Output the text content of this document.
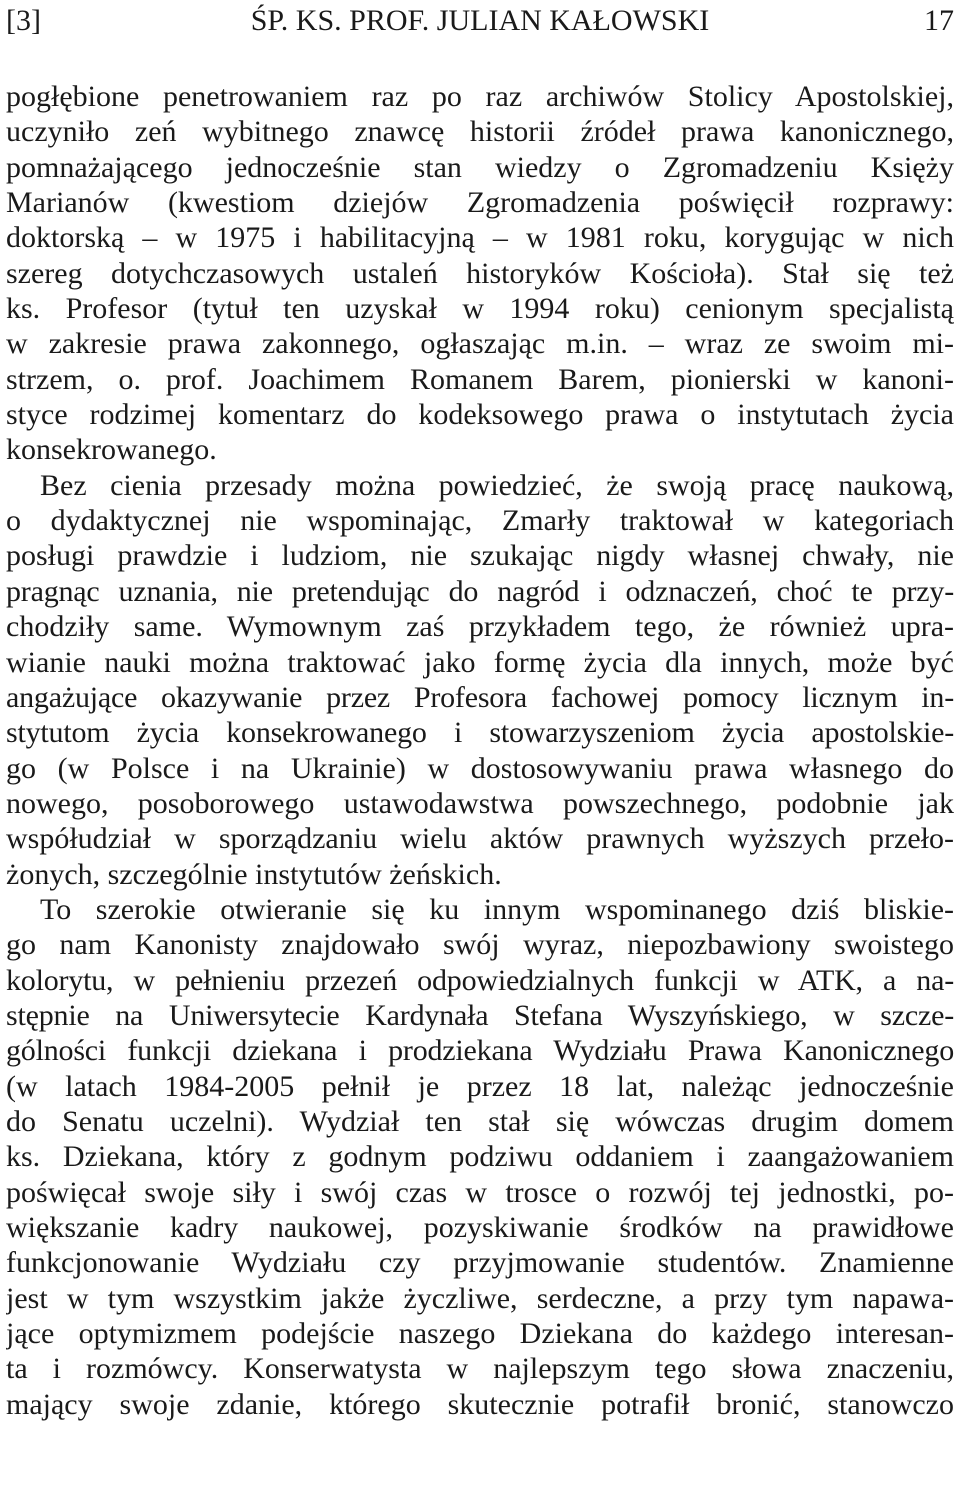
[3]	ŚP. KS. PROF. JULIAN KAŁOWSKI	17
pogłębione penetrowaniem raz po raz archiwów Stolicy Apostolskiej,
uczyniło zeń wybitnego znawcę historii źródeł prawa kanonicznego,
pomnażającego jednocześnie stan wiedzy o Zgromadzeniu Księży
Marianów (kwestiom dziejów Zgromadzenia poświęcił rozprawy:
doktorską – w 1975 i habilitacyjną – w 1981 roku, korygując w nich
szereg dotychczasowych ustaleń historyków Kościoła). Stał się też
ks. Profesor (tytuł ten uzyskał w 1994 roku) cenionym specjalistą
w zakresie prawa zakonnego, ogłaszając m.in. – wraz ze swoim mi-
strzem, o. prof. Joachimem Romanem Barem, pionierski w kanoni-
styce rodzimej komentarz do kodeksowego prawa o instytutach życia
konsekrowanego.
Bez cienia przesady można powiedzieć, że swoją pracę naukową,
o dydaktycznej nie wspominając, Zmarły traktował w kategoriach
posługi prawdzie i ludziom, nie szukając nigdy własnej chwały, nie
pragnąc uznania, nie pretendując do nagród i odznaczeń, choć te przy-
chodziły same. Wymownym zaś przykładem tego, że również upra-
wianie nauki można traktować jako formę życia dla innych, może być
angażujące okazywanie przez Profesora fachowej pomocy licznym in-
stytutom życia konsekrowanego i stowarzyszeniom życia apostolskie-
go (w Polsce i na Ukrainie) w dostosowywaniu prawa własnego do
nowego, posoborowego ustawodawstwa powszechnego, podobnie jak
współudział w sporządzaniu wielu aktów prawnych wyższych przeło-
żonych, szczególnie instytutów żeńskich.
To szerokie otwieranie się ku innym wspominanego dziś bliskie-
go nam Kanonisty znajdowało swój wyraz, niepozbawiony swoistego
kolorytu, w pełnieniu przezeń odpowiedzialnych funkcji w ATK, a na-
stępnie na Uniwersytecie Kardynała Stefana Wyszyńskiego, w szcze-
gólności funkcji dziekana i prodziekana Wydziału Prawa Kanonicznego
(w latach 1984-2005 pełnił je przez 18 lat, należąc jednocześnie
do Senatu uczelni). Wydział ten stał się wówczas drugim domem
ks. Dziekana, który z godnym podziwu oddaniem i zaangażowaniem
poświęcał swoje siły i swój czas w trosce o rozwój tej jednostki, po-
większanie kadry naukowej, pozyskiwanie środków na prawidłowe
funkcjonowanie Wydziału czy przyjmowanie studentów. Znamienne
jest w tym wszystkim jakże życzliwe, serdeczne, a przy tym napawa-
jące optymizmem podejście naszego Dziekana do każdego interesan-
ta i rozmówcy. Konserwatysta w najlepszym tego słowa znaczeniu,
mający swoje zdanie, którego skutecznie potrafił bronić, stanowczo
